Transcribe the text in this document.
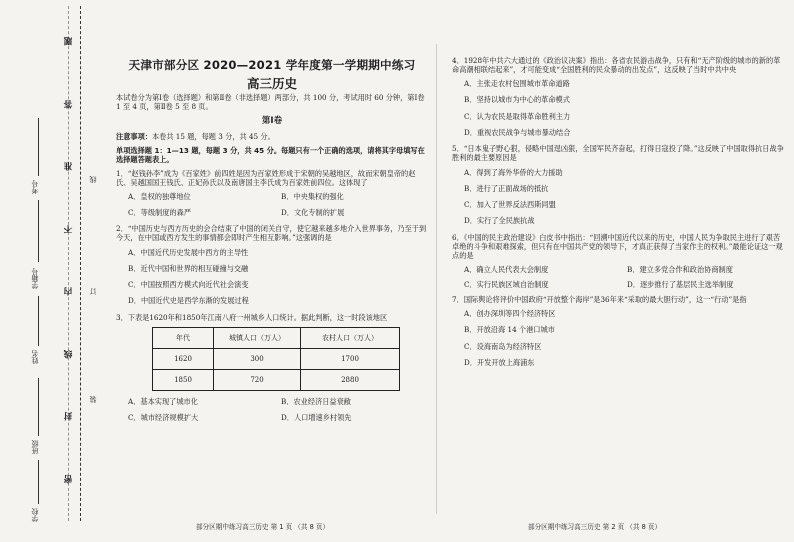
题
答
准
不
内
线
封
密
考号
学籍号
姓名
班级
学校
线
订
装
天津市部分区 2020—2021 学年度第一学期期中练习
高三历史

本试卷分为第Ⅰ卷（选择题）和第Ⅱ卷（非选择题）两部分，共 100 分，考试用时 60 分钟，第Ⅰ卷 1 至 4 页，第Ⅱ卷 5 至 8 页。

第Ⅰ卷

注意事项：本卷共 15 题，每题 3 分，共 45 分。

单项选择题 1：1—13 题，每题 3 分，共 45 分。每题只有一个正确的选项，请将其字母填写在选择题答题表上。

1．“赵钱孙李”成为《百家姓》前四姓是因为百家姓形成于宋朝的吴越地区，故而宋朝皇帝的赵氏、吴越国国王钱氏、正妃孙氏以及南唐国主李氏成为百家姓前四位。这体现了

A．皇权的独尊地位	B．中央集权的强化
C．等级制度的森严	D．文化专制的扩展

2．“中国历史与西方历史的会合结束了中国的闭关自守，使它越来越多地介入世界事务，乃至于到今天，在中国或西方发生的事情都会即时产生相互影响。”这强调的是

A．中国近代历史发展中西方的主导性

B．近代中国和世界的相互碰撞与交融

C．中国按照西方模式向近代社会演变

D．中国近代史是西学东渐的发展过程

3．下表是1620年和1850年江南八府一州城乡人口统计。据此判断，这一时段该地区

年代	城镇人口（万人）	农村人口（万人）
1620	300	1700
1850	720	2880
A．基本实现了城市化	B．农业经济日益衰敝
C．城市经济规模扩大	D．人口增速乡村领先

4．1928年中共六大通过的《政治议决案》指出：各省农民游击战争，只有和“无产阶级的城市的新的革命高潮相联结起来”，才可能变成“全国胜利的民众暴动的出发点”，这反映了当时中共中央

A．主张走农村包围城市革命道路

B．坚持以城市为中心的革命模式

C．认为农民是取得革命胜利主力

D．重视农民战争与城市暴动结合

5．“日本鬼子野心狠，侵略中国逞凶狠，全国军民齐奋起，打得日寇投了降。”这反映了中国取得抗日战争胜利的最主要原因是

A．得到了海外华侨的大力援助

B．进行了正面战场的抵抗

C．加入了世界反法西斯同盟

D．实行了全民族抗战

6．《中国的民主政治建设》白皮书中指出：“回溯中国近代以来的历史，中国人民为争取民主进行了艰苦卓绝的斗争和艰难探索，但只有在中国共产党的领导下，才真正获得了当家作主的权利。”最能论证这一观点的是

A．确立人民代表大会制度	B．建立多党合作和政治协商制度
C．实行民族区域自治制度	D．逐步推行了基层民主选举制度

7．国际舆论将评价中国政府“开放整个海岸”是36年来“采取的最大胆行动”，这一“行动”是指

A．创办深圳等四个经济特区

B．开放沿海 14 个港口城市

C．设海南岛为经济特区

D．开发开放上海浦东

部分区期中练习高三历史 第 1 页 （共 8 页）	部分区期中练习高三历史 第 2 页 （共 8 页）
